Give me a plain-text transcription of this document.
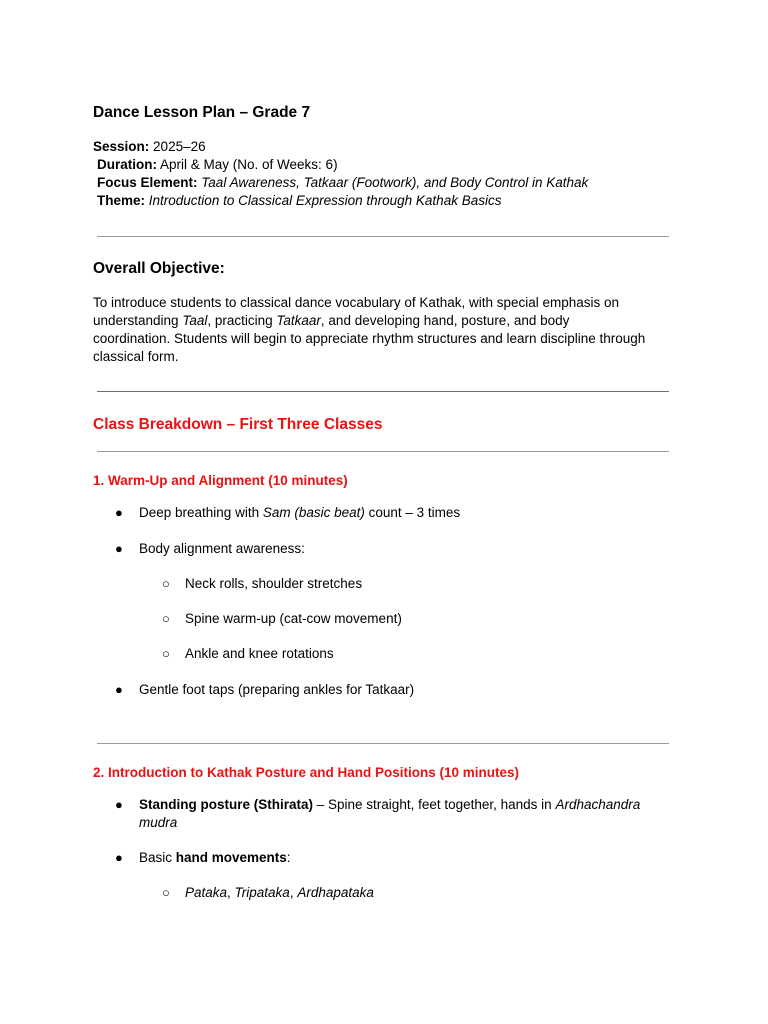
Dance Lesson Plan – Grade 7
Session: 2025–26
Duration: April & May (No. of Weeks: 6)
Focus Element: Taal Awareness, Tatkaar (Footwork), and Body Control in Kathak
Theme: Introduction to Classical Expression through Kathak Basics
Overall Objective:
To introduce students to classical dance vocabulary of Kathak, with special emphasis on
understanding Taal, practicing Tatkaar, and developing hand, posture, and body
coordination. Students will begin to appreciate rhythm structures and learn discipline through
classical form.
Class Breakdown – First Three Classes
1. Warm-Up and Alignment (10 minutes)
● Deep breathing with Sam (basic beat) count – 3 times
● Body alignment awareness:
○ Neck rolls, shoulder stretches
○ Spine warm-up (cat-cow movement)
○ Ankle and knee rotations
● Gentle foot taps (preparing ankles for Tatkaar)
2. Introduction to Kathak Posture and Hand Positions (10 minutes)
● Standing posture (Sthirata) – Spine straight, feet together, hands in Ardhachandra
mudra
● Basic hand movements:
○ Pataka, Tripataka, Ardhapataka
